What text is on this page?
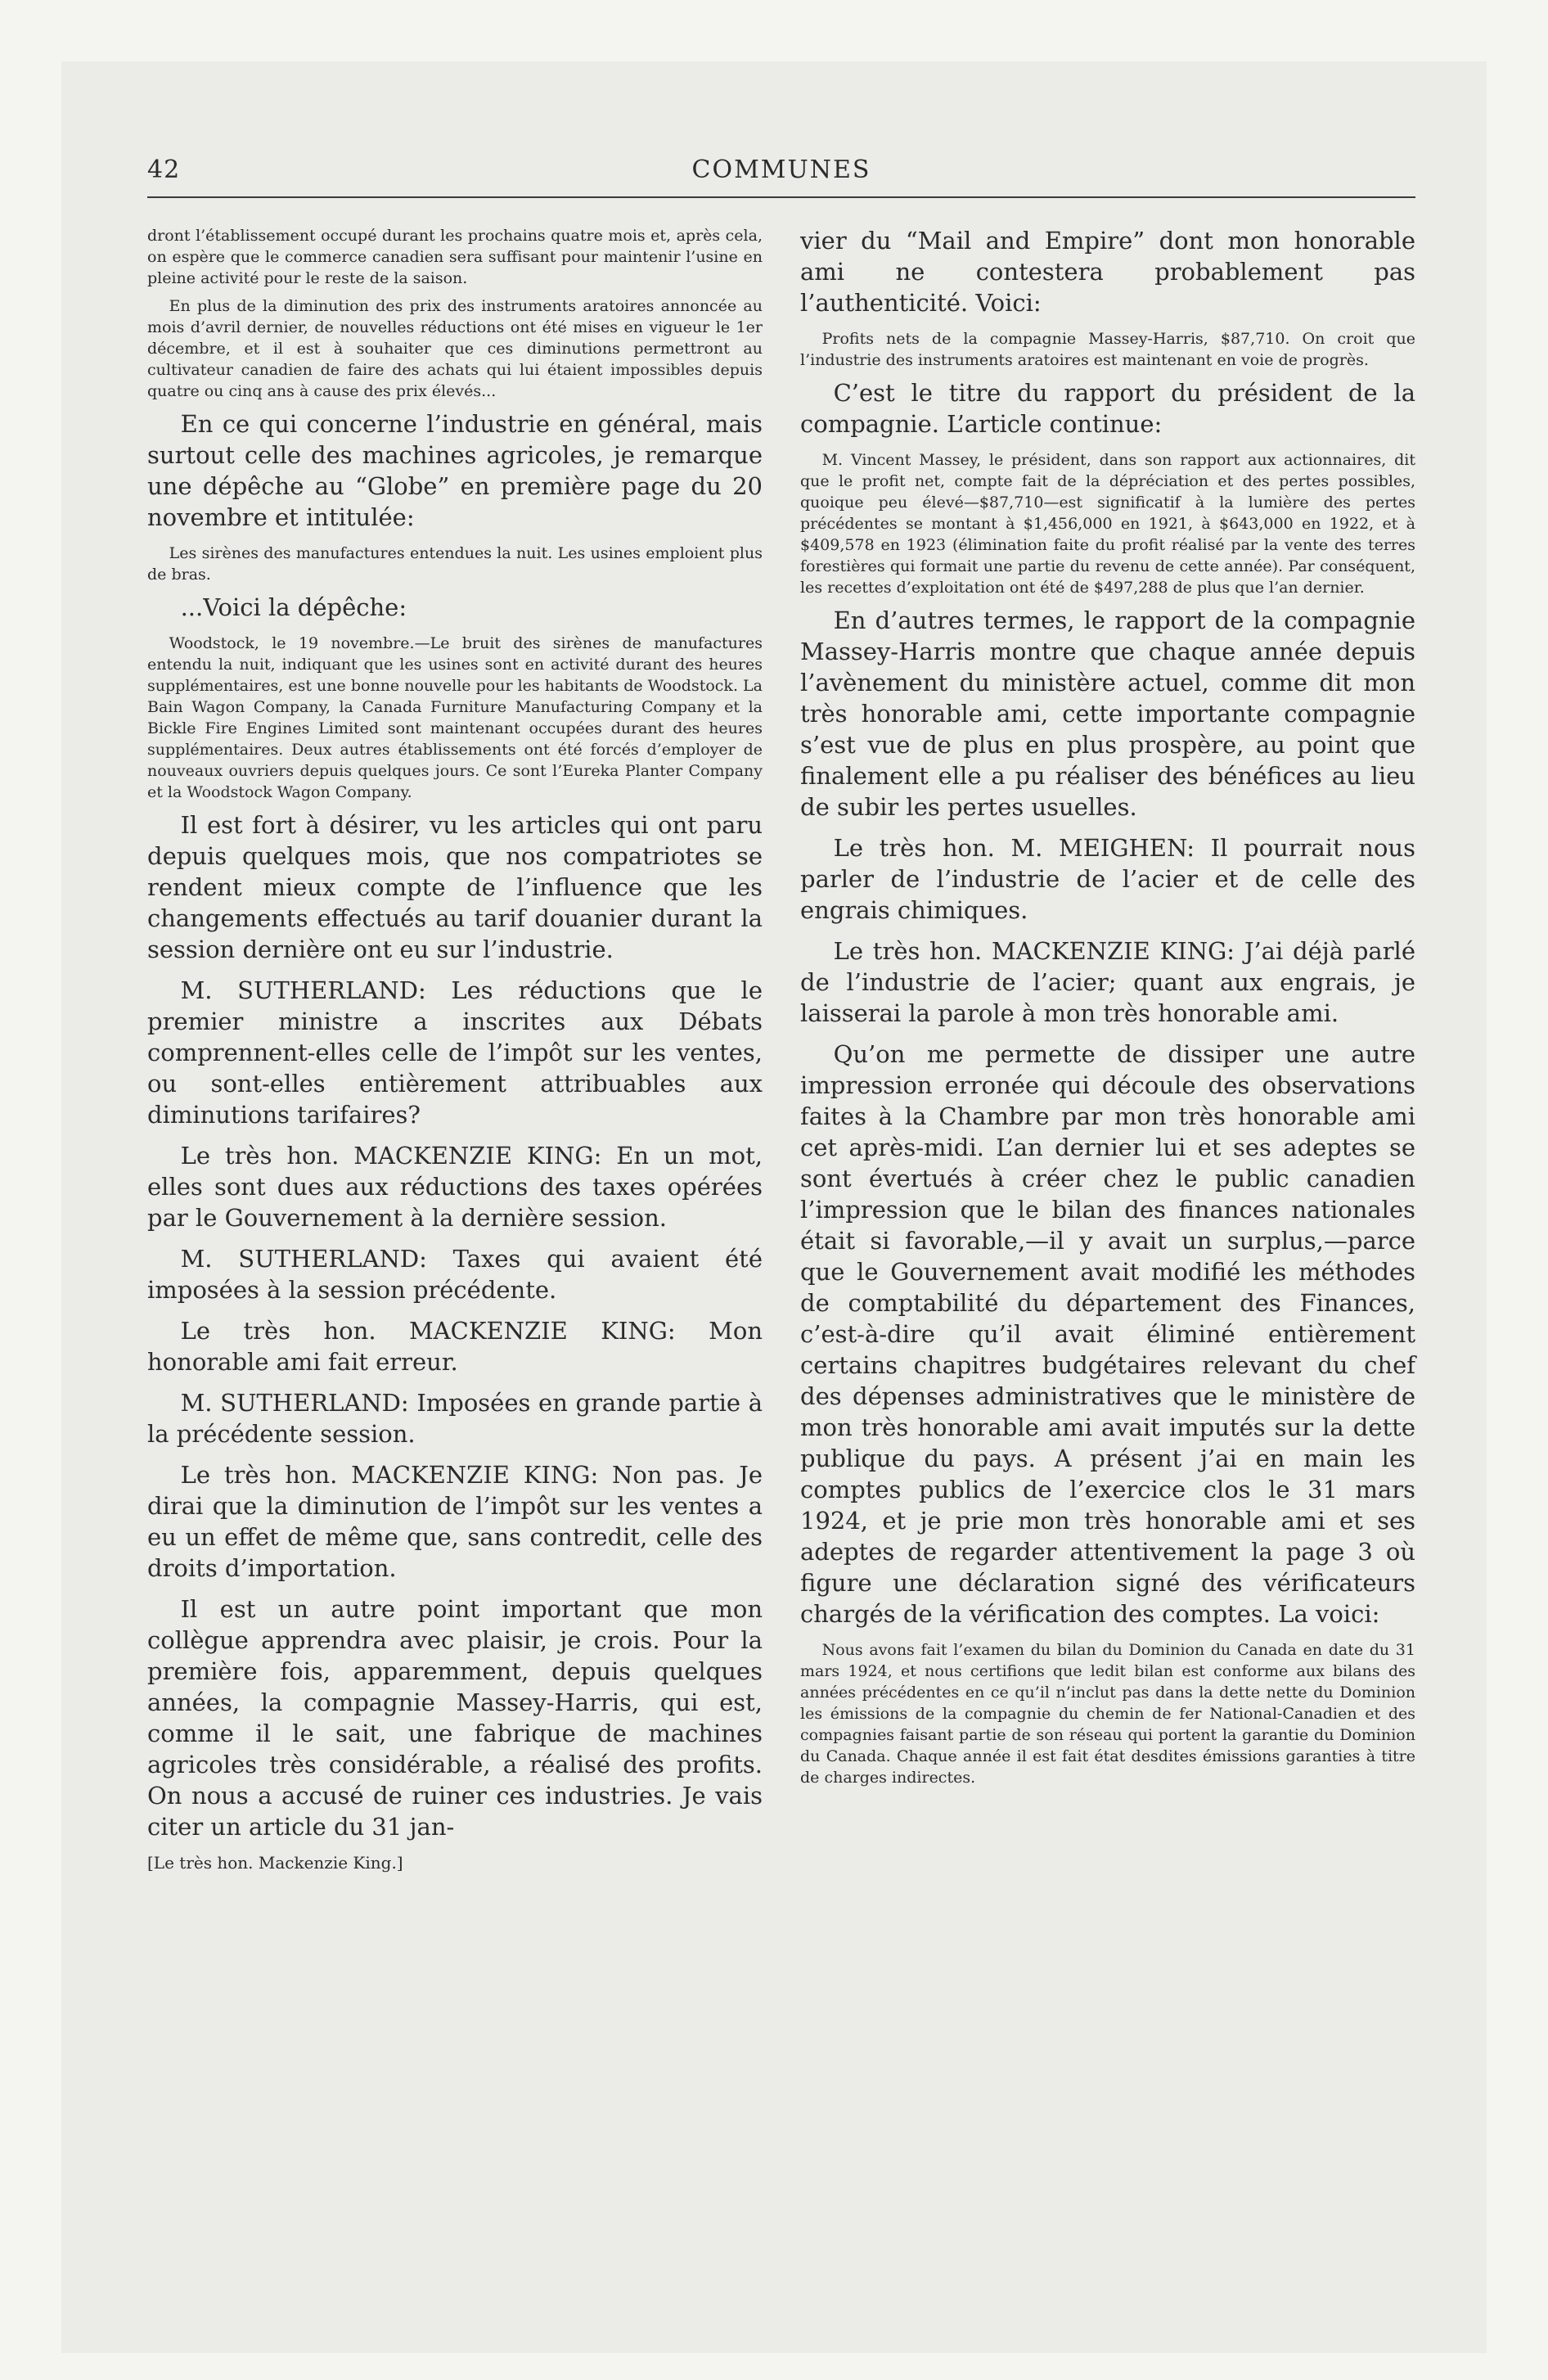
42	COMMUNES

dront l’établissement occupé durant les prochains quatre mois et, après cela, on espère que le commerce canadien sera suffisant pour maintenir l’usine en pleine activité pour le reste de la saison.

En plus de la diminution des prix des instruments aratoires annoncée au mois d’avril dernier, de nouvelles réductions ont été mises en vigueur le 1er décembre, et il est à souhaiter que ces diminutions permettront au cultivateur canadien de faire des achats qui lui étaient impossibles depuis quatre ou cinq ans à cause des prix élevés...

En ce qui concerne l’industrie en général, mais surtout celle des machines agricoles, je remarque une dépêche au “Globe” en première page du 20 novembre et intitulée:

Les sirènes des manufactures entendues la nuit. Les usines emploient plus de bras.

...Voici la dépêche:

Woodstock, le 19 novembre.—Le bruit des sirènes de manufactures entendu la nuit, indiquant que les usines sont en activité durant des heures supplémentaires, est une bonne nouvelle pour les habitants de Woodstock. La Bain Wagon Company, la Canada Furniture Manufacturing Company et la Bickle Fire Engines Limited sont maintenant occupées durant des heures supplémentaires. Deux autres établissements ont été forcés d’employer de nouveaux ouvriers depuis quelques jours. Ce sont l’Eureka Planter Company et la Woodstock Wagon Company.

Il est fort à désirer, vu les articles qui ont paru depuis quelques mois, que nos compatriotes se rendent mieux compte de l’influence que les changements effectués au tarif douanier durant la session dernière ont eu sur l’industrie.

M. SUTHERLAND: Les réductions que le premier ministre a inscrites aux Débats comprennent-elles celle de l’impôt sur les ventes, ou sont-elles entièrement attribuables aux diminutions tarifaires?

Le très hon. MACKENZIE KING: En un mot, elles sont dues aux réductions des taxes opérées par le Gouvernement à la dernière session.

M. SUTHERLAND: Taxes qui avaient été imposées à la session précédente.

Le très hon. MACKENZIE KING: Mon honorable ami fait erreur.

M. SUTHERLAND: Imposées en grande partie à la précédente session.

Le très hon. MACKENZIE KING: Non pas. Je dirai que la diminution de l’impôt sur les ventes a eu un effet de même que, sans contredit, celle des droits d’importation.

Il est un autre point important que mon collègue apprendra avec plaisir, je crois. Pour la première fois, apparemment, depuis quelques années, la compagnie Massey-Harris, qui est, comme il le sait, une fabrique de machines agricoles très considérable, a réalisé des profits. On nous a accusé de ruiner ces industries. Je vais citer un article du 31 jan-

[Le très hon. Mackenzie King.]

vier du “Mail and Empire” dont mon honorable ami ne contestera probablement pas l’authenticité. Voici:

Profits nets de la compagnie Massey-Harris, $87,710. On croit que l’industrie des instruments aratoires est maintenant en voie de progrès.

C’est le titre du rapport du président de la compagnie. L’article continue:

M. Vincent Massey, le président, dans son rapport aux actionnaires, dit que le profit net, compte fait de la dépréciation et des pertes possibles, quoique peu élevé—$87,710—est significatif à la lumière des pertes précédentes se montant à $1,456,000 en 1921, à $643,000 en 1922, et à $409,578 en 1923 (élimination faite du profit réalisé par la vente des terres forestières qui formait une partie du revenu de cette année). Par conséquent, les recettes d’exploitation ont été de $497,288 de plus que l’an dernier.

En d’autres termes, le rapport de la compagnie Massey-Harris montre que chaque année depuis l’avènement du ministère actuel, comme dit mon très honorable ami, cette importante compagnie s’est vue de plus en plus prospère, au point que finalement elle a pu réaliser des bénéfices au lieu de subir les pertes usuelles.

Le très hon. M. MEIGHEN: Il pourrait nous parler de l’industrie de l’acier et de celle des engrais chimiques.

Le très hon. MACKENZIE KING: J’ai déjà parlé de l’industrie de l’acier; quant aux engrais, je laisserai la parole à mon très honorable ami.

Qu’on me permette de dissiper une autre impression erronée qui découle des observations faites à la Chambre par mon très honorable ami cet après-midi. L’an dernier lui et ses adeptes se sont évertués à créer chez le public canadien l’impression que le bilan des finances nationales était si favorable,—il y avait un surplus,—parce que le Gouvernement avait modifié les méthodes de comptabilité du département des Finances, c’est-à-dire qu’il avait éliminé entièrement certains chapitres budgétaires relevant du chef des dépenses administratives que le ministère de mon très honorable ami avait imputés sur la dette publique du pays. A présent j’ai en main les comptes publics de l’exercice clos le 31 mars 1924, et je prie mon très honorable ami et ses adeptes de regarder attentivement la page 3 où figure une déclaration signé des vérificateurs chargés de la vérification des comptes. La voici:

Nous avons fait l’examen du bilan du Dominion du Canada en date du 31 mars 1924, et nous certifions que ledit bilan est conforme aux bilans des années précédentes en ce qu’il n’inclut pas dans la dette nette du Dominion les émissions de la compagnie du chemin de fer National-Canadien et des compagnies faisant partie de son réseau qui portent la garantie du Dominion du Canada. Chaque année il est fait état desdites émissions garanties à titre de charges indirectes.
